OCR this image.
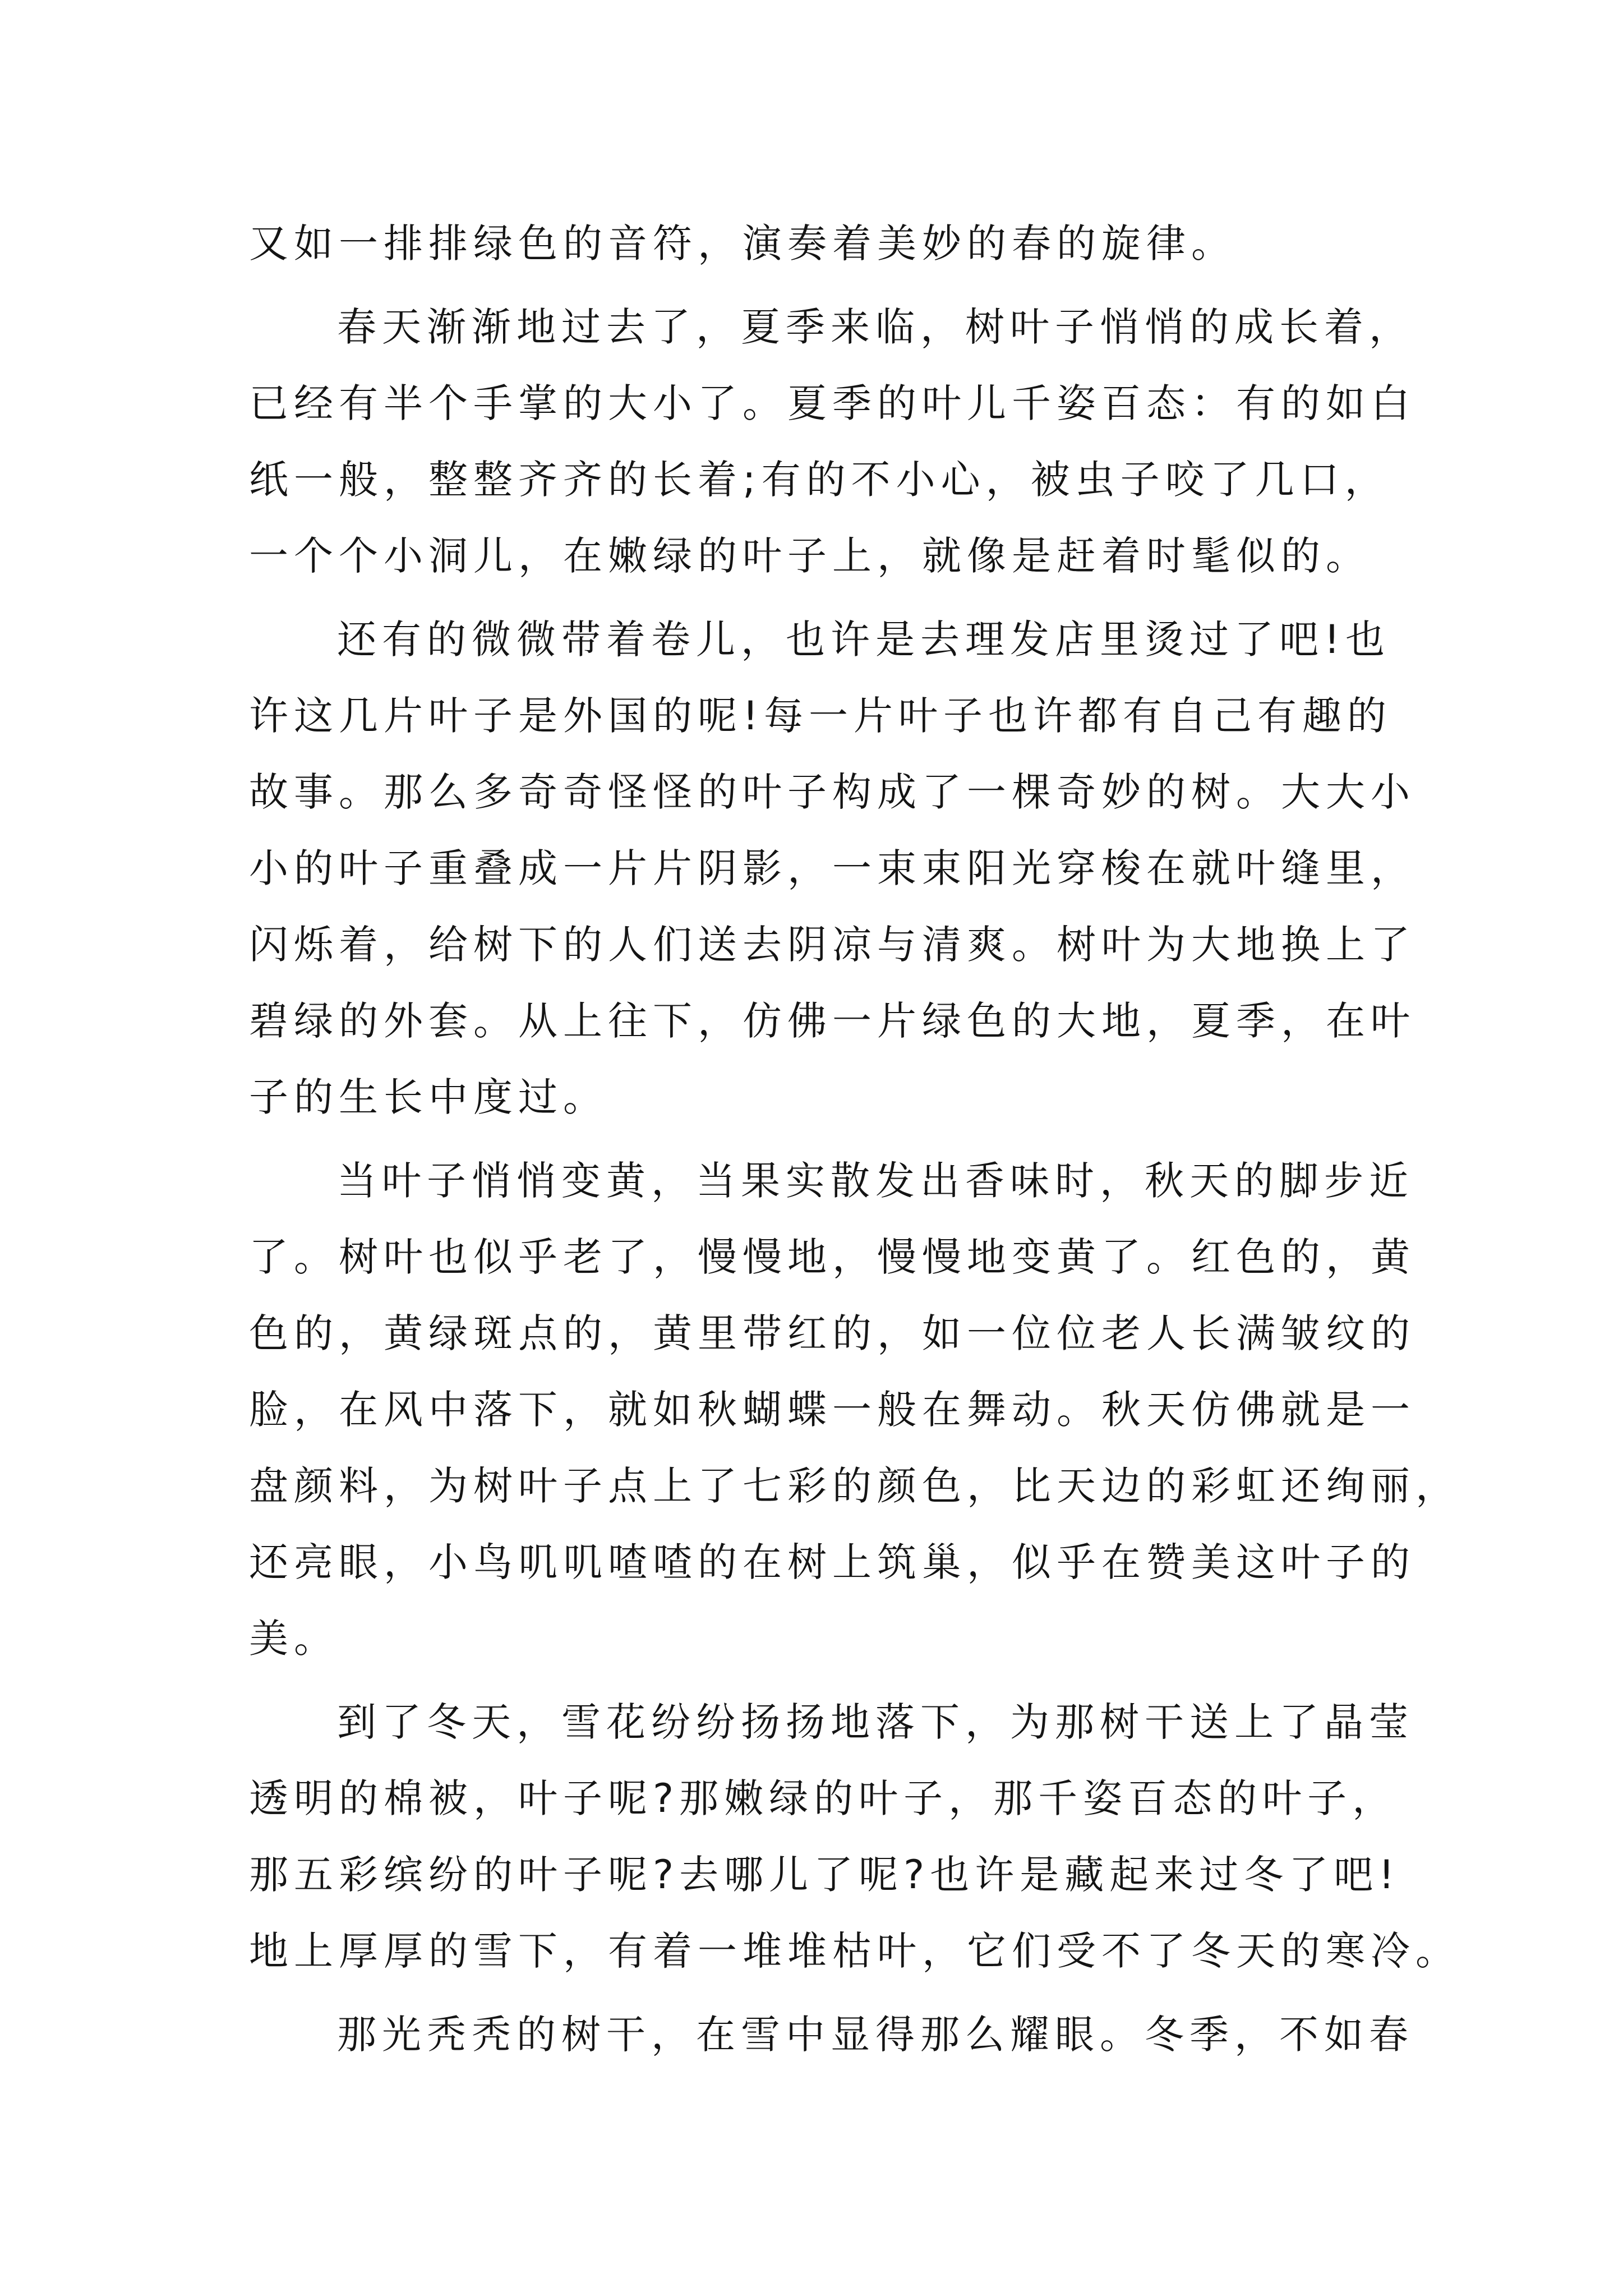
又如一排排绿色的音符，演奏着美妙的春的旋律。

春天渐渐地过去了，夏季来临，树叶子悄悄的成长着，

已经有半个手掌的大小了。夏季的叶儿千姿百态：有的如白

纸一般，整整齐齐的长着;有的不小心，被虫子咬了几口，

一个个小洞儿，在嫩绿的叶子上，就像是赶着时髦似的。

还有的微微带着卷儿，也许是去理发店里烫过了吧!也

许这几片叶子是外国的呢!每一片叶子也许都有自己有趣的

故事。那么多奇奇怪怪的叶子构成了一棵奇妙的树。大大小

小的叶子重叠成一片片阴影，一束束阳光穿梭在就叶缝里，

闪烁着，给树下的人们送去阴凉与清爽。树叶为大地换上了

碧绿的外套。从上往下，仿佛一片绿色的大地，夏季，在叶

子的生长中度过。

当叶子悄悄变黄，当果实散发出香味时，秋天的脚步近

了。树叶也似乎老了，慢慢地，慢慢地变黄了。红色的，黄

色的，黄绿斑点的，黄里带红的，如一位位老人长满皱纹的

脸，在风中落下，就如秋蝴蝶一般在舞动。秋天仿佛就是一

盘颜料，为树叶子点上了七彩的颜色，比天边的彩虹还绚丽，

还亮眼，小鸟叽叽喳喳的在树上筑巢，似乎在赞美这叶子的

美。

到了冬天，雪花纷纷扬扬地落下，为那树干送上了晶莹

透明的棉被，叶子呢?那嫩绿的叶子，那千姿百态的叶子，

那五彩缤纷的叶子呢?去哪儿了呢?也许是藏起来过冬了吧!

地上厚厚的雪下，有着一堆堆枯叶，它们受不了冬天的寒冷。

那光秃秃的树干，在雪中显得那么耀眼。冬季，不如春
